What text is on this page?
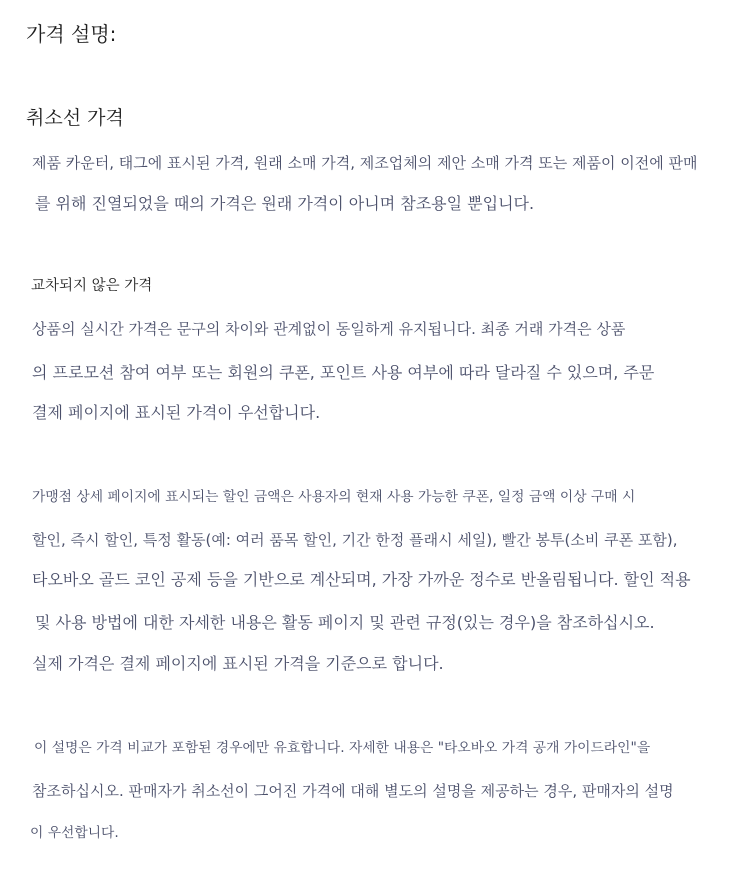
가격 설명:
취소선 가격
제품 카운터, 태그에 표시된 가격, 원래 소매 가격, 제조업체의 제안 소매 가격 또는 제품이 이전에 판매
를 위해 진열되었을 때의 가격은 원래 가격이 아니며 참조용일 뿐입니다.
교차되지 않은 가격
상품의 실시간 가격은 문구의 차이와 관계없이 동일하게 유지됩니다. 최종 거래 가격은 상품
의 프로모션 참여 여부 또는 회원의 쿠폰, 포인트 사용 여부에 따라 달라질 수 있으며, 주문
결제 페이지에 표시된 가격이 우선합니다.
가맹점 상세 페이지에 표시되는 할인 금액은 사용자의 현재 사용 가능한 쿠폰, 일정 금액 이상 구매 시
할인, 즉시 할인, 특정 활동(예: 여러 품목 할인, 기간 한정 플래시 세일), 빨간 봉투(소비 쿠폰 포함),
타오바오 골드 코인 공제 등을 기반으로 계산되며, 가장 가까운 정수로 반올림됩니다. 할인 적용
및 사용 방법에 대한 자세한 내용은 활동 페이지 및 관련 규정(있는 경우)을 참조하십시오.
실제 가격은 결제 페이지에 표시된 가격을 기준으로 합니다.
이 설명은 가격 비교가 포함된 경우에만 유효합니다. 자세한 내용은 "타오바오 가격 공개 가이드라인"을
참조하십시오. 판매자가 취소선이 그어진 가격에 대해 별도의 설명을 제공하는 경우, 판매자의 설명
이 우선합니다.
